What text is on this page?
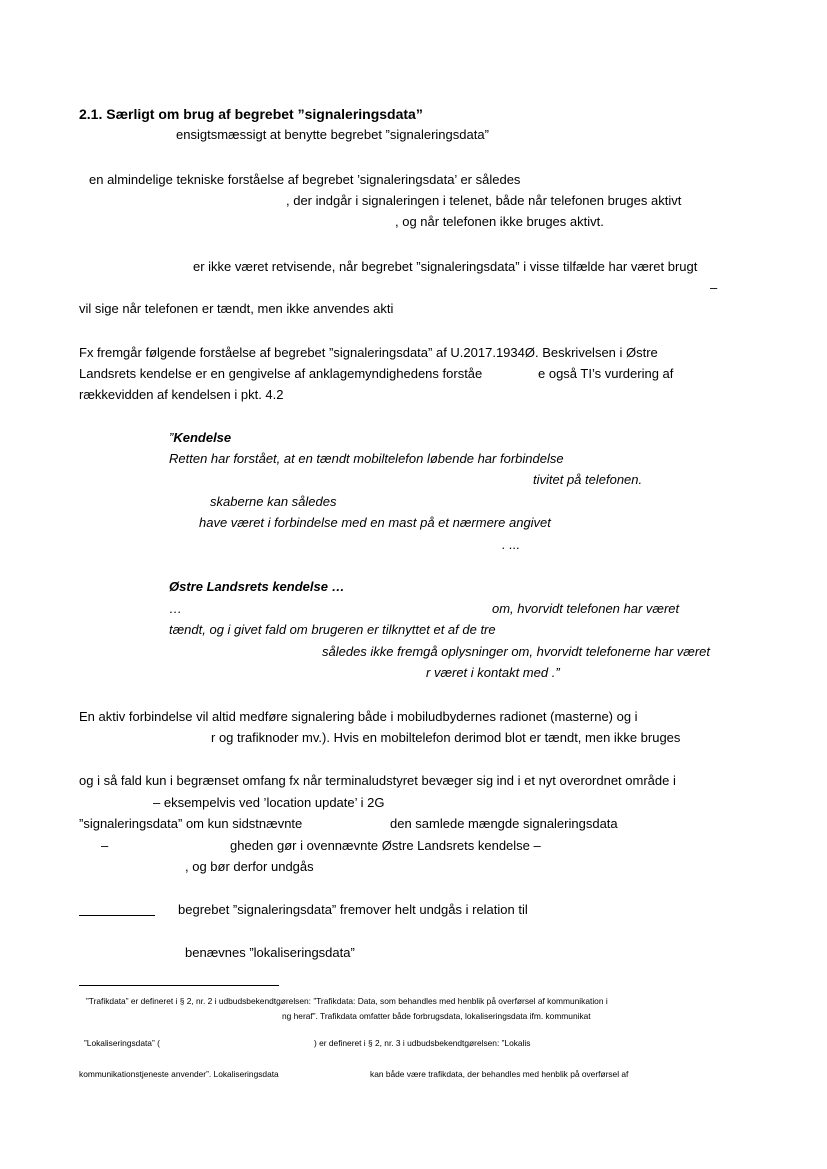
2.1. Særligt om brug af begrebet ”signaleringsdata”
ensigtsmæssigt at benytte begrebet ”signaleringsdata”
en almindelige tekniske forståelse af begrebet ’signaleringsdata’ er således
, der indgår i signaleringen i telenet, både når telefonen bruges aktivt
, og når telefonen ikke bruges aktivt.
er ikke været retvisende, når begrebet ”signaleringsdata” i visse tilfælde har været brugt
–
vil sige når telefonen er tændt, men ikke anvendes akti
Fx fremgår følgende forståelse af begrebet ”signaleringsdata” af U.2017.1934Ø. Beskrivelsen i Østre
Landsrets kendelse er en gengivelse af anklagemyndighedens forståe	e også TI’s vurdering af
rækkevidden af kendelsen i pkt. 4.2
”Kendelse
Retten har forstået, at en tændt mobiltelefon løbende har forbindelse
tivitet på telefonen.
skaberne kan således
have været i forbindelse med en mast på et nærmere angivet
. ...
Østre Landsrets kendelse …
…	om, hvorvidt telefonen har været
tændt, og i givet fald om brugeren er tilknyttet et af de tre
således ikke fremgå oplysninger om, hvorvidt telefonerne har været
r været i kontakt med .”
En aktiv forbindelse vil altid medføre signalering både i mobiludbydernes radionet (masterne) og i
r og trafiknoder mv.). Hvis en mobiltelefon derimod blot er tændt, men ikke bruges
og i så fald kun i begrænset omfang fx når terminaludstyret bevæger sig ind i et nyt overordnet område i
– eksempelvis ved ’location update’ i 2G
”signaleringsdata” om kun sidstnævnte	den samlede mængde signaleringsdata
–	gheden gør i ovennævnte Østre Landsrets kendelse –
, og bør derfor undgås
begrebet ”signaleringsdata” fremover helt undgås i relation til
benævnes ”lokaliseringsdata”
”Trafikdata” er defineret i § 2, nr. 2 i udbudsbekendtgørelsen: ”Trafikdata: Data, som behandles med henblik på overførsel af kommunikation i
ng heraf”. Trafikdata omfatter både forbrugsdata, lokaliseringsdata ifm. kommunikat
”Lokaliseringsdata” (	) er defineret i § 2, nr. 3 i udbudsbekendtgørelsen: ”Lokalis
kommunikationstjeneste anvender”. Lokaliseringsdata	kan både være trafikdata, der behandles med henblik på overførsel af
